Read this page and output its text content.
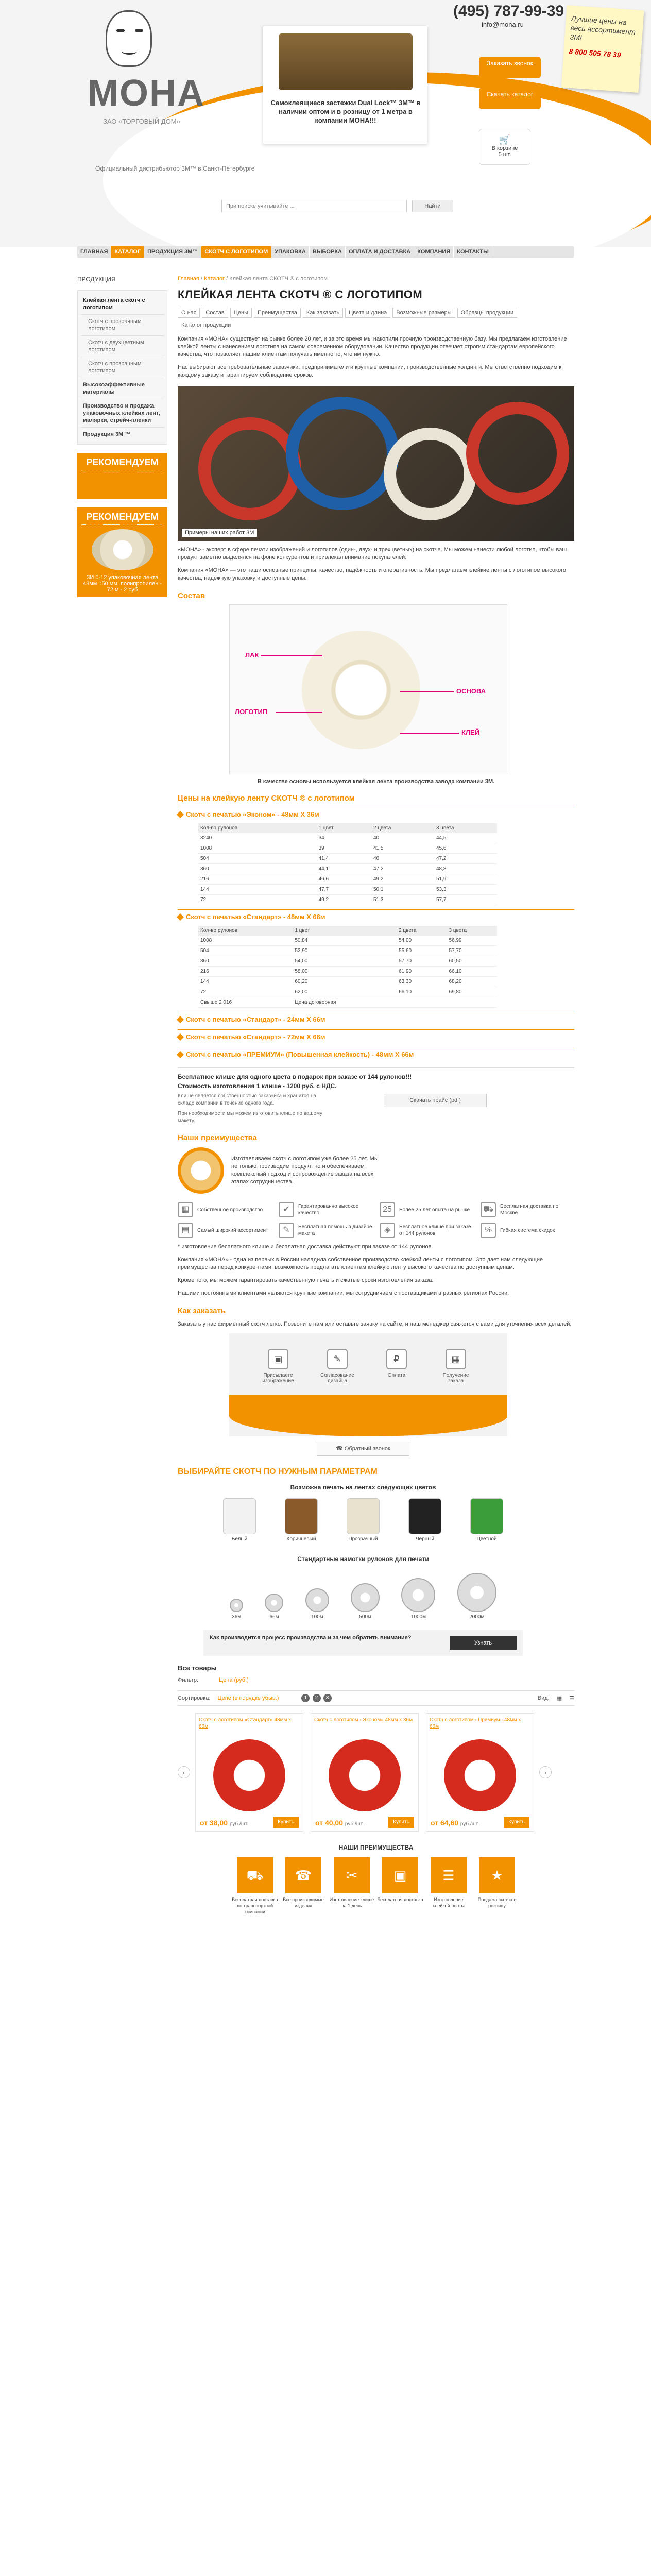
МОНА
ЗАО «ТОРГОВЫЙ ДОМ»
Официальный дистрибьютор 3M™ в Санкт-Петербурге
Самоклеящиеся застежки Dual Lock™ 3М™ в наличии оптом и в розницу от 1 метра в компании МОНА!!!
(495) 787-99-39
info@mona.ru
Заказать звонок
Скачать каталог
🛒
В корзине
0 шт.
Лучшие цены на весь ассортимент 3М!
8 800 505 78 39
Не бывает плохих ... бывают неправильно подобранные товары!
При поиске учитывайте ...
Найти
ГЛАВНАЯ	КАТАЛОГ	ПРОДУКЦИЯ 3M™	СКОТЧ С ЛОГОТИПОМ	УПАКОВКА	ВЫБОРКА	ОПЛАТА И ДОСТАВКА	КОМПАНИЯ	КОНТАКТЫ
ПРОДУКЦИЯ
Клейкая лента скотч с логотипом
Скотч с прозрачным логотипом
Скотч с двухцветным логотипом
Скотч с прозрачным логотипом
Высокоэффективные материалы
Производство и продажа упаковочных клейких лент, малярки, стрейч-пленки
Продукция 3М ™
РЕКОМЕНДУЕМ
РЕКОМЕНДУЕМ
ЗИ 0-12 упаковочная лента 48мм 150 мм, полипропилен - 72 м - 2 руб
Главная / Каталог / Клейкая лента СКОТЧ ® с логотипом
КЛЕЙКАЯ ЛЕНТА СКОТЧ ® С ЛОГОТИПОМ
О нас	Состав	Цены	Преимущества	Как заказать	Цвета и длина	Возможные размеры	Образцы продукции
Каталог продукции

Компания «МОНА» существует на рынке более 20 лет, и за это время мы накопили прочную производственную базу. Мы предлагаем изготовление клейкой ленты с нанесением логотипа на самом современном оборудовании. Качество продукции отвечает строгим стандартам европейского качества, что позволяет нашим клиентам получать именно то, что им нужно.

Нас выбирают все требовательные заказчики: предприниматели и крупные компании, производственные холдинги. Мы ответственно подходим к каждому заказу и гарантируем соблюдение сроков.

Примеры наших работ 3М

«МОНА» - эксперт в сфере печати изображений и логотипов (один-, двух- и трехцветных) на скотче. Мы можем нанести любой логотип, чтобы ваш продукт заметно выделялся на фоне конкурентов и привлекал внимание покупателей.

Компания «МОНА» — это наши основные принципы: качество, надёжность и оперативность. Мы предлагаем клейкие ленты с логотипом высокого качества, надежную упаковку и доступные цены.

Состав
ЛАК
ЛОГОТИП
ОСНОВА
КЛЕЙ
В качестве основы используется клейкая лента производства завода компании 3М.
Цены на клейкую ленту СКОТЧ ® с логотипом
Скотч с печатью «Эконом» - 48мм Х 36м
Кол-во рулонов	1 цвет	2 цвета	3 цвета
3240	34	40	44,5
1008	39	41,5	45,6
504	41,4	46	47,2
360	44,1	47,2	48,8
216	46,6	49,2	51,9
144	47,7	50,1	53,3
72	49,2	51,3	57,7
Скотч с печатью «Стандарт» - 48мм Х 66м
Кол-во рулонов	1 цвет	2 цвета	3 цвета
1008	50,84	54,00	56,99
504	52,90	55,60	57,70
360	54,00	57,70	60,50
216	58,00	61,90	66,10
144	60,20	63,30	68,20
72	62,00	66,10	69,80
Свыше 2 016	Цена договорная		
Скотч с печатью «Стандарт» - 24мм Х 66м
Скотч с печатью «Стандарт» - 72мм Х 66м
Скотч с печатью «ПРЕМИУМ» (Повышенная клейкость) - 48мм Х 66м
Бесплатное клише для одного цвета в подарок при заказе от 144 рулонов!!!
Стоимость изготовления 1 клише - 1200 руб. с НДС.
Клише является собственностью заказчика и хранится на складе компании в течение одного года.
При необходимости мы можем изготовить клише по вашему макету.
Скачать прайс (pdf)
Наши преимущества
Изготавливаем скотч с логотипом уже более 25 лет. Мы не только производим продукт, но и обеспечиваем комплексный подход и сопровождение заказа на всех этапах сотрудничества.
▦	Собственное производство	✔	Гарантированно высокое качество	25	Более 25 лет опыта на рынке	⛟	Бесплатная доставка по Москве
▤	Самый широкий ассортимент	✎	Бесплатная помощь в дизайне макета	◈	Бесплатное клише при заказе от 144 рулонов	%	Гибкая система скидок

* изготовление бесплатного клише и бесплатная доставка действуют при заказе от 144 рулонов.

Компания «МОНА» - одна из первых в России наладила собственное производство клейкой ленты с логотипом. Это дает нам следующие преимущества перед конкурентами: возможность предлагать клиентам клейкую ленту высокого качества по доступным ценам.

Кроме того, мы можем гарантировать качественную печать и сжатые сроки изготовления заказа.

Нашими постоянными клиентами являются крупные компании, мы сотрудничаем с поставщиками в разных регионах России.

Как заказать

Заказать у нас фирменный скотч легко. Позвоните нам или оставьте заявку на сайте, и наш менеджер свяжется с вами для уточнения всех деталей.

▣
Присылаете изображение
✎
Согласование дизайна
₽
Оплата
▦
Получение заказа
☎ Обратный звонок
ВЫБИРАЙТЕ СКОТЧ ПО НУЖНЫМ ПАРАМЕТРАМ
Возможна печать на лентах следующих цветов
Белый	Коричневый	Прозрачный	Черный	Цветной
Стандартные намотки рулонов для печати
36м	66м	100м	500м	1000м	2000м
Как производится процесс производства и за чем обратить внимание?
Узнать
Все товары
Фильтр:	Цена (руб.)
Сортировка: Цене (в порядке убыв.)	1 2 3	Вид: ▦ ☰
‹
Скотч с логотипом «Стандарт» 48мм х 66м
от 38,00 руб./шт.	Купить
Скотч с логотипом «Эконом» 48мм х 36м
от 40,00 руб./шт.	Купить
Скотч с логотипом «Премиум» 48мм х 66м
от 64,60 руб./шт.	Купить
›
НАШИ ПРЕИМУЩЕСТВА
⛟
Бесплатная доставка до транспортной компании
☎
Все производимые изделия
✂
Изготовление клише за 1 день
▣
Бесплатная доставка
☰
Изготовление клейкой ленты
★
Продажа скотча в розницу
